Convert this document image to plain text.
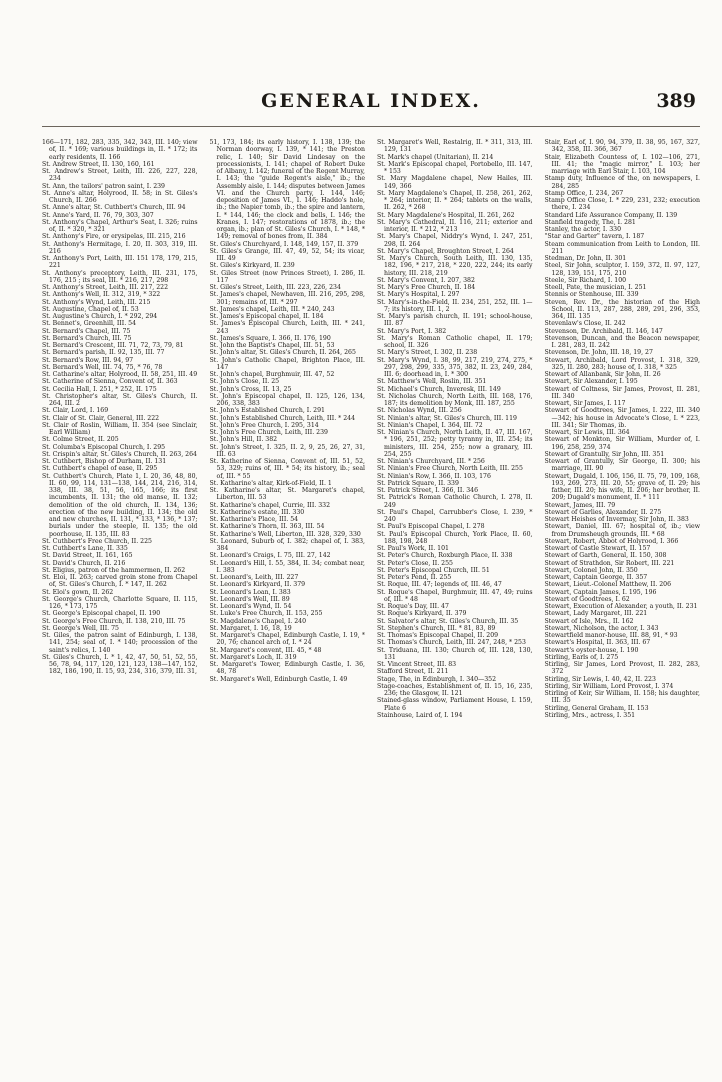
GENERAL INDEX.	389

166—171, 182, 283, 335, 342, 343, III. 140; view of, II. * 169; various buildings in, II. * 172; its early residents, II. 166

St. Andrew Street, II. 130, 160, 161

St. Andrew's Street, Leith, III. 226, 227, 228, 234

St. Ann, the tailors' patron saint, I. 239

St. Anne's altar, Holyrood, II. 58; in St. Giles's Church, II. 266

St. Anne's altar, St. Cuthbert's Church, III. 94

St. Anne's Yard, II. 76, 79, 303, 307

St. Anthony's Chapel, Arthur's Seat, I. 326; ruins of, II. * 320, * 321

St. Anthony's Fire, or erysipelas, III. 215, 216

St. Anthony's Hermitage, I. 20, II. 303, 319, III. 216

St. Anthony's Port, Leith, III. 151 178, 179, 215, 221

St. Anthony's preceptory, Leith, III. 231, 175, 176, 215 ; its seal, III. * 216, 217, 298

St. Anthony's Street, Leith, III. 217, 222

St. Anthony's Well, II. 312, 319, * 322

St. Anthony's Wynd, Leith, III. 215

St. Augustine, Chapel of, II. 53

St. Augustine's Church, I. * 292, 294

St. Bennet's, Greenhill, III. 54

St. Bernard's Chapel, III. 75

St. Bernard's Church, III. 75

St. Bernard's Crescent, III. 71, 72, 73, 79, 81

St. Bernard's parish, II. 92, 135, III. 77

St. Bernard's Row, III. 94, 97

St. Bernard's Well, III. 74, 75, * 76, 78

St. Catharine's altar, Holyrood, II. 58, 251, III. 49

St. Catherine of Sienna, Convent of, II. 363

St. Cecilia Hall, I. 251, * 252, II. 175

St. Christopher's altar, St. Giles's Church, II. 264, III. 2

St. Clair, Lord, I. 169

St. Clair of St. Clair, General, III. 222

St. Clair of Roslin, William, II. 354 (see Sinclair, Earl William)

St. Colme Street, II. 205

St. Columba's Episcopal Church, I. 295

St. Crispin's altar, St. Giles's Church, II. 263, 264

St. Cuthbert, Bishop of Durham, II. 131

St. Cuthbert's chapel of ease, II. 295

St. Cuthbert's Church, Plate 1, I. 20, 36, 48, 80, II. 60, 99, 114, 131—138, 144, 214, 216, 314, 338, III. 38, 51, 56, 165, 166; its first incumbents, II. 131; the old manse, II. 132; demolition of the old church, II. 134, 136; erection of the new building, II. 134; the old and new churches, II. 131, * 133, * 136, * 137; burials under the steeple, II. 135; the old poorhouse, II. 135, III. 83

St. Cuthbert's Free Church, II. 225

St. Cuthbert's Lane, II. 335

St. David Street, II. 161, 165

St. David's Church, II. 216

St. Eligius, patron of the hammermen, II. 262

St. Eloi, II. 263; carved groin stone from Chapel of, St. Giles's Church, I. * 147, II. 262

St. Eloi's gown, II. 262

St. George's Church, Charlotte Square, II. 115, 126, * 173, 175

St. George's Episcopal chapel, II. 190

St. George's Free Church, II. 138, 210, III. 75

St. George's Well, III. 75

St. Giles, the patron saint of Edinburgh, I. 138, 141, 254; seal of, I. * 140; procession of the saint's relics, I. 140

St. Giles's Church, I. * 1, 42, 47, 50, 51, 52, 55, 56, 78, 94, 117, 120, 121, 123, 138—147, 152, 182, 186, 190, II. 15, 93, 234, 316, 379, III. 31,

51, 173, 184; its early history, I. 138, 139; the Norman doorway, I. 139, * 141; the Preston relic, I. 140; Sir David Lindesay on the processionists, I. 141; chapel of Robert Duke of Albany, I. 142; funeral of the Regent Murray, I. 143; the "guide Regent's aisle," ib.; the Assembly aisle, I. 144; disputes between James VI. and the Church party, I. 144, 146; deposition of James VI., I. 146; Haddo's hole, ib.; the Napier tomb, ib.; the spire and lantern, I. * 144, 146; the clock and bells, I. 146; the Kranes, I. 147; restorations of 1878, ib.; the organ, ib.; plan of St. Giles's Church, I. * 148, * 149; removal of bones from, II. 384

St. Giles's Churchyard, I. 148, 149, 157, II. 379

St. Giles's Grange, III. 47, 49, 52, 54; its vicar, III. 49

St. Giles's Kirkyard, II. 239

St. Giles Street (now Princes Street), I. 286, II. 117

St. Giles's Street, Leith, III. 223, 226, 234

St. James's chapel, Newhaven, III. 216, 295, 298, 301; remains of, III. * 297

St. James's chapel, Leith, III. * 240, 243

St. James's Episcopal chapel, II. 184

St. James's Episcopal Church, Leith, III. * 241, 243

St. James's Square, I. 366, II. 176, 190

St. John the Baptist's Chapel, III. 51, 53

St. John's altar, St. Giles's Church, II. 264, 265

St. John's Catholic Chapel, Brighton Place, III. 147

St. John's chapel, Burghmuir, III. 47, 52

St. John's Close, II. 25

St. John's Cross, II. 13, 25

St. John's Episcopal chapel, II. 125, 126, 134, 206, 338, 383

St. John's Established Church, I. 291

St. John's Established Church, Leith, III. * 244

St. John's Free Church, I. 295, 314

St. John's Free Church, Leith, III. 239

St. John's Hill, II. 382

St. John's Street, I. 325, II. 2, 9, 25, 26, 27, 31, III. 63

St. Katherine of Sienna, Convent of, III. 51, 52, 53, 329; ruins of, III. * 54; its history, ib.; seal of, III. * 55

St. Katharine's altar, Kirk-of-Field, II. 1

St. Katharine's altar, St. Margaret's chapel, Liberton, III. 53

St. Katharine's chapel, Currie, III. 332

St. Katherine's estate, III. 330

St. Katharine's Place, III. 54

St. Katharine's Thorn, II. 363, III. 54

St. Katharine's Well, Liberton, III. 328, 329, 330

St. Leonard, Suburb of, I. 382; chapel of, I. 383, 384

St. Leonard's Craigs, I. 75, III. 27, 142

St. Leonard's Hill, I. 55, 384, II. 34; combat near, I. 383

St. Leonard's, Leith, III. 227

St. Leonard's Kirkyard, II. 379

St. Leonard's Loan, I. 383

St. Leonard's Well, III. 89

St. Leonard's Wynd, II. 54

St. Luke's Free Church, II. 153, 255

St. Magdalene's Chapel, I. 240

St. Margaret, I. 16, 18, 19

St. Margaret's Chapel, Edinburgh Castle, I. 19, * 20, 76; chancel arch of, I. * 24

St. Margaret's convent, III. 45, * 48

St. Margaret's Loch, II. 319

St. Margaret's Tower, Edinburgh Castle, I. 36, 48, 78

St. Margaret's Well, Edinburgh Castle, I. 49

St. Margaret's Well, Restalrig, II. * 311, 313, III. 129, 131

St. Mark's chapel (Unitarian), II. 214

St. Mark's Episcopal chapel, Portobello, III. 147, * 153

St. Mary Magdalene chapel, New Hailes, III. 149, 366

St. Mary Magdalene's Chapel, II. 258, 261, 262, * 264; interior, II. * 264; tablets on the walls, II. 262, * 268

St. Mary Magdalene's Hospital, II. 261, 262

St. Mary's Cathedral, II. 116, 211; exterior and interior, II. * 212, * 213

St. Mary's Chapel, Niddry's Wynd, I. 247, 251, 298, II. 264

St. Mary's Chapel, Broughton Street, I. 264

St. Mary's Church, South Leith, III. 130, 135, 182, 196, * 217, 218, * 220, 222, 244; its early history, III. 218, 219

St. Mary's Convent, I. 207, 382

St. Mary's Free Church, II. 184

St. Mary's Hospital, I. 297

St. Mary's-in-the-Field, II. 234, 251, 252, III. 1—7; its history, III. 1, 2

St. Mary's parish church, II. 191; school-house, III. 87

St. Mary's Port, I. 382

St. Mary's Roman Catholic chapel, II. 179; school, II. 326

St. Mary's Street, I. 302, II. 238

St. Mary's Wynd, I. 38, 99, 217, 219, 274, 275, * 297, 298, 299, 335, 375, 382, II. 23, 249, 284, III. 6; doorhead in, I. * 300

St. Matthew's Well, Roslin, III. 351

St. Michael's Church, Inveresk, III. 149

St. Nicholas Church, North Leith, III. 168, 176, 187; its demolition by Monk, III. 187, 255

St. Nicholas Wynd, III. 256

St. Ninian's altar, St. Giles's Church, III. 119

St. Ninian's Chapel, I. 364, III. 72

St. Ninian's Church, North Leith, II. 47, III. 167, * 196, 251, 252; petty tyranny in, III. 254; its ministers, III. 254, 255; now a granary, III. 254, 255

St. Ninian's Churchyard, III. * 256

St. Ninian's Free Church, North Leith, III. 255

St. Ninian's Row, I. 366, II. 103, 176

St. Patrick Square, II. 339

St. Patrick Street, I. 366, II. 346

St. Patrick's Roman Catholic Church, I. 278, II. 249

St. Paul's Chapel, Carrubber's Close, I. 239, * 240

St. Paul's Episcopal Chapel, I. 278

St. Paul's Episcopal Church, York Place, II. 60, 188, 198, 248

St. Paul's Work, II. 101

St. Peter's Church, Roxburgh Place, II. 338

St. Peter's Close, II. 255

St. Peter's Episcopal Church, III. 51

St. Peter's Pend, II. 255

St. Roque, III. 47; legends of, III. 46, 47

St. Roque's Chapel, Burghmuir, III. 47, 49; ruins of, III. * 48

St. Roque's Day, III. 47

St. Roque's Kirkyard, II. 379

St. Salvator's altar, St. Giles's Church, III. 35

St. Stephen's Church, III. * 81, 83, 89

St. Thomas's Episcopal Chapel, II. 209

St. Thomas's Church, Leith, III. 247, 248, * 253

St. Triduana, III. 130; Church of, III. 128, 130, 131

St. Vincent Street, III. 83

Stafford Street, II. 211

Stage, The, in Edinburgh, I. 340—352

Stage-coaches, Establishment of, II. 15, 16, 235, 236; the Glasgow, II. 121

Stained-glass window, Parliament House, I. 159, Plate 6

Stainhouse, Laird of, I. 194

Stair, Earl of, I. 90, 94, 379, II. 38, 95, 167, 327, 342, 358, III. 366, 367

Stair, Elizabeth Countess of, I. 102—106, 271, III. 41; the "magic mirror," I. 103; her marriage with Earl Stair, I. 103, 104

Stamp duty, Influence of the, on newspapers, I. 284, 285

Stamp Office, I. 234, 267

Stamp Office Close, I. * 229, 231, 232; execution there, I. 234

Standard Life Assurance Company, II. 139

Stanfield tragedy, The, I. 281

Stanley, the actor, I. 330

"Star and Garter" tavern, I. 187

Steam communication from Leith to London, III. 211

Stedman, Dr. John, II. 301

Steel, Sir John, sculptor, I. 159, 372, II. 97, 127, 128, 139, 151, 175, 210

Steele, Sir Richard, I. 100

Steell, Pate, the musician, I. 251

Stennis or Stenhouse, III. 339

Steven, Rev. Dr., the historian of the High School, II. 113, 287, 288, 289, 291, 296, 353, 364, III. 135

Stevenlaw's Close, II. 242

Stevenson, Dr. Archibald, II. 146, 147

Stevenson, Duncan, and the Beacon newspaper, I. 281, 283, II. 242

Stevenson, Dr. John, III. 18, 19, 27

Stewart, Archibald, Lord Provost, I. 318, 329, 325, II. 280, 283; house of, I. 318, * 325

Stewart of Allanbank, Sir John, II. 26

Stewart, Sir Alexander, I. 195

Stewart of Coltness, Sir James, Provost, II. 281, III. 340

Stewart, Sir James, I. 117

Stewart of Goodtrees, Sir James, I. 222, III. 340—342; his house in Advocate's Close, I. * 223, III. 341; Sir Thomas, ib.

Stewart, Sir Lewis, III. 364

Stewart of Monkton, Sir William, Murder of, I. 196, 258, 259, 374

Stewart of Grantully, Sir John, III. 351

Stewart of Grantully, Sir George, II. 300; his marriage, III. 90

Stewart, Dugald, I. 106, 156, II. 75, 79, 109, 168, 193, 269, 273, III. 20, 55; grave of, II. 29; his father, III. 20; his wife, II. 206; her brother, II. 209; Dugald's monument, II. * 111

Stewart, James, III. 79

Stewart of Garlies, Alexander, II. 275

Stewart Heishes of Invermay, Sir John, II. 383

Stewart, Daniel, III. 67; hospital of, ib.; view from Drumsheugh grounds, III. * 68

Stewart, Robert, Abbot of Holyrood, I. 366

Stewart of Castle Stewart, II. 157

Stewart of Garth, General, II. 150, 308

Stewart of Strathdon, Sir Robert, III. 221

Stewart, Colonel John, II. 350

Stewart, Captain George, II. 357

Stewart, Lieut.-Colonel Matthew, II. 206

Stewart, Captain James, I. 195, 196

Stewart of Goodtrees, I. 62

Stewart, Execution of Alexander, a youth, II. 231

Stewart, Lady Margaret, III. 221

Stewart of Isle, Mrs., II. 162

Stewart, Nicholson, the actor, I. 343

Stewartfield manor-house, III. 88, 91, * 93

Stewart's Hospital, II. 363, III. 67

Stewart's oyster-house, I. 190

Stirling, Earls of, I. 275

Stirling, Sir James, Lord Provost, II. 282, 283, 372

Stirling, Sir Lewis, I. 40, 42, II. 223

Stirling, Sir William, Lord Provost, I. 374

Stirling of Keir, Sir William, II. 158; his daughter, III. 35

Stirling, General Graham, II. 153

Stirling, Mrs., actress, I. 351
